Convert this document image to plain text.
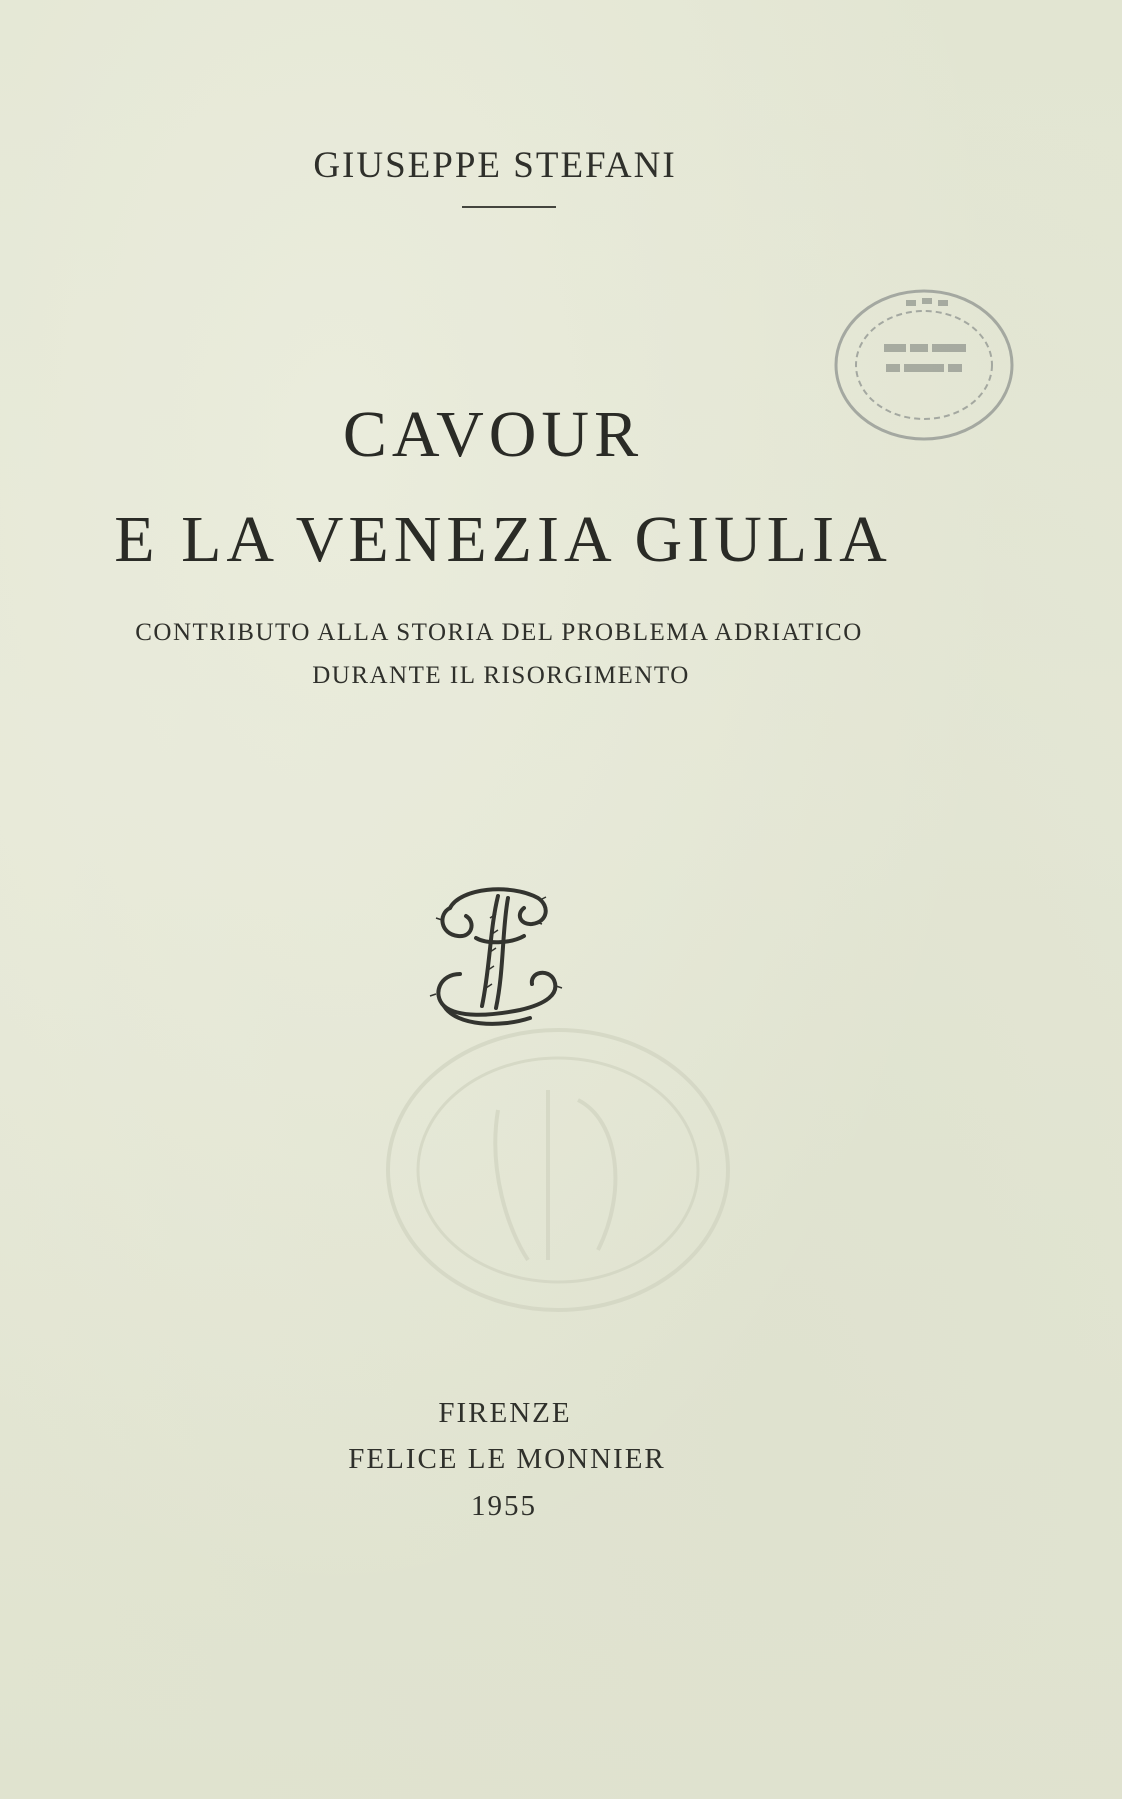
GIUSEPPE STEFANI
CAVOUR
E LA VENEZIA GIULIA
CONTRIBUTO ALLA STORIA DEL PROBLEMA ADRIATICO
DURANTE IL RISORGIMENTO
FIRENZE
FELICE LE MONNIER
1955
